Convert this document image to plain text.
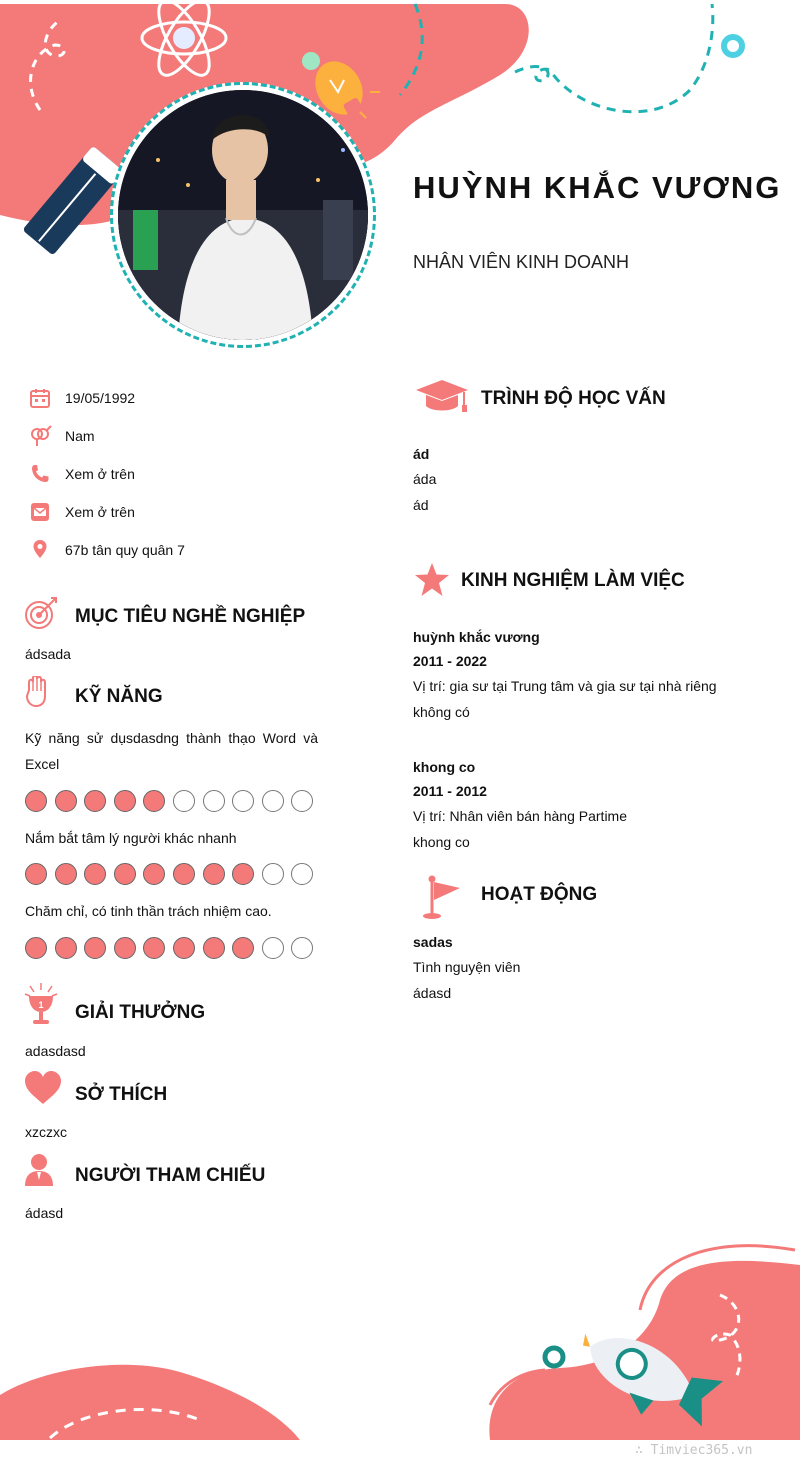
HUỲNH KHẮC VƯƠNG
NHÂN VIÊN KINH DOANH
19/05/1992
Nam
Xem ở trên
Xem ở trên
67b tân quy quân 7
MỤC TIÊU NGHỀ NGHIỆP
ádsada
KỸ NĂNG
Kỹ năng sử dụsdasdng thành thạo Word và Excel
Nắm bắt tâm lý người khác nhanh
Chăm chỉ, có tinh thần trách nhiệm cao.
1 GIẢI THƯỞNG
adasdasd
SỞ THÍCH
xzczxc
NGƯỜI THAM CHIẾU
ádasd
TRÌNH ĐỘ HỌC VẤN
ád
áda
ád
KINH NGHIỆM LÀM VIỆC
huỳnh khắc vương
2011 - 2022
Vị trí: gia sư tại Trung tâm và gia sư tại nhà riêng
không có
khong co
2011 - 2012
Vị trí: Nhân viên bán hàng Partime
khong co
HOẠT ĐỘNG
sadas
Tình nguyện viên
ádasd
∴ Timviec365.vn
